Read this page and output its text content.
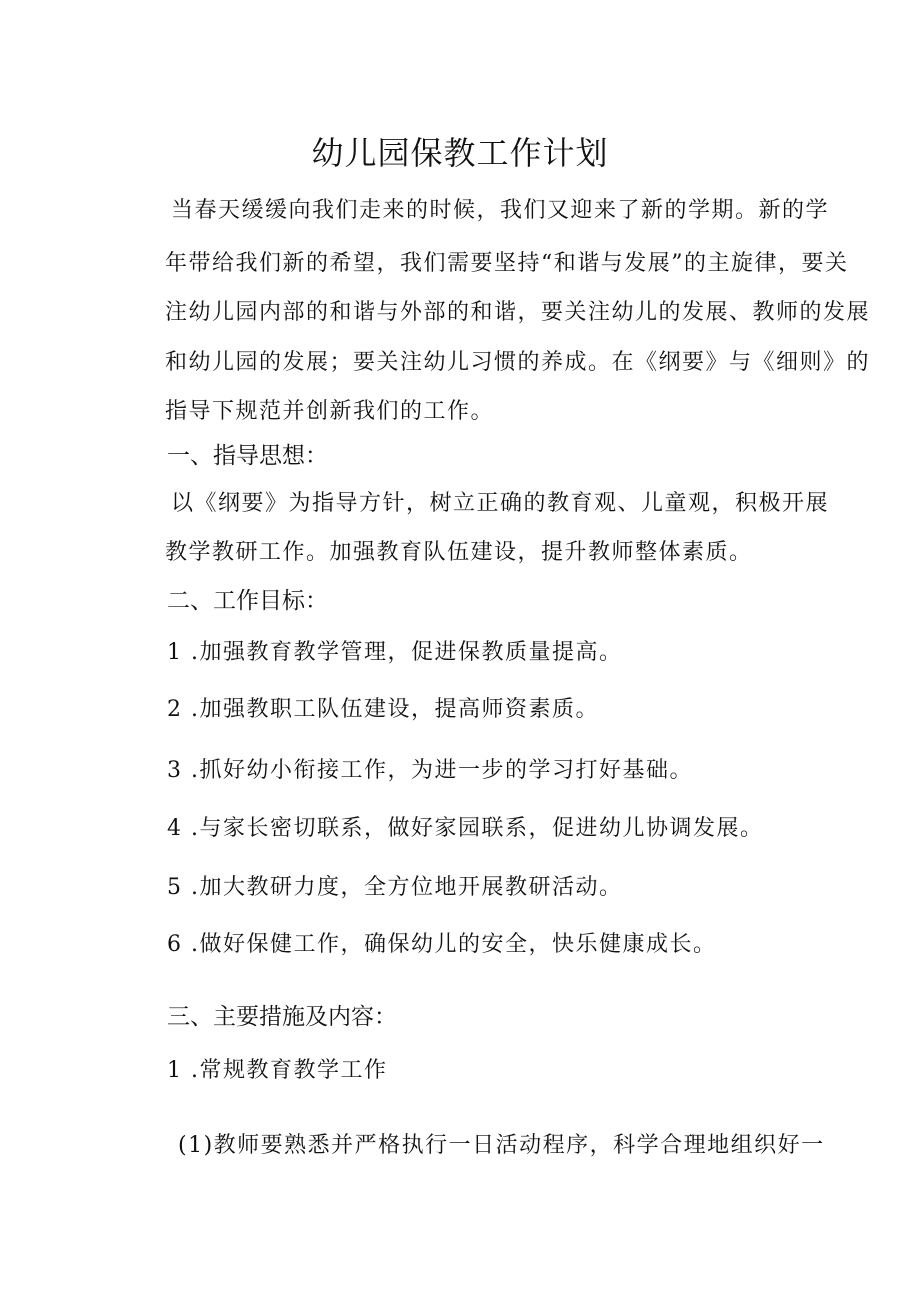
幼儿园保教工作计划
当春天缓缓向我们走来的时候，我们又迎来了新的学期。新的学
年带给我们新的希望，我们需要坚持“和谐与发展”的主旋律，要关
注幼儿园内部的和谐与外部的和谐，要关注幼儿的发展、教师的发展
和幼儿园的发展；要关注幼儿习惯的养成。在《纲要》与《细则》的
指导下规范并创新我们的工作。
一、指导思想：
以《纲要》为指导方针，树立正确的教育观、儿童观，积极开展
教学教研工作。加强教育队伍建设，提升教师整体素质。
二、工作目标：
1 .加强教育教学管理，促进保教质量提高。
2 .加强教职工队伍建设，提高师资素质。
3 .抓好幼小衔接工作，为进一步的学习打好基础。
4 .与家长密切联系，做好家园联系，促进幼儿协调发展。
5 .加大教研力度，全方位地开展教研活动。
6 .做好保健工作，确保幼儿的安全，快乐健康成长。
三、主要措施及内容：
1 .常规教育教学工作
(1)教师要熟悉并严格执行一日活动程序，科学合理地组织好一
